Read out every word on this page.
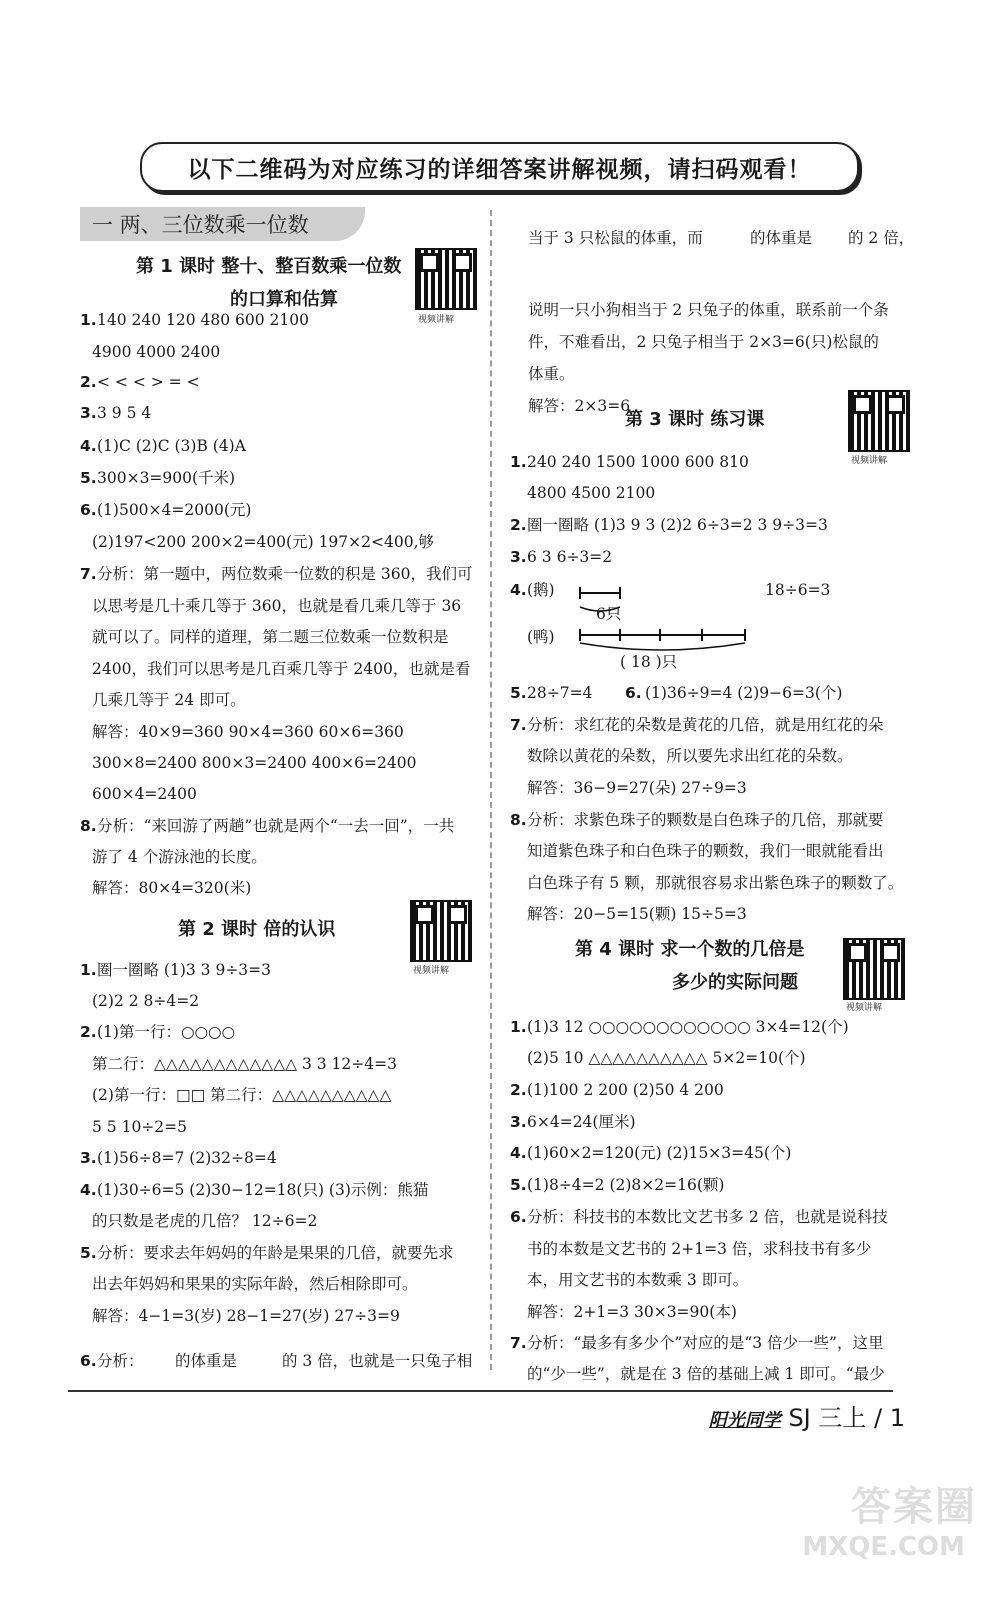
以下二维码为对应练习的详细答案讲解视频，请扫码观看！
一 两、三位数乘一位数
第 1 课时 整十、整百数乘一位数
的口算和估算
视频讲解
1. 140 240 120 480 600 2100
4900 4000 2400
2. < < < > = <
3. 3 9 5 4
4. (1)C (2)C (3)B (4)A
5. 300×3=900(千米)
6. (1)500×4=2000(元)
(2)197<200 200×2=400(元) 197×2<400,够
7. 分析：第一题中，两位数乘一位数的积是 360，我们可
以思考是几十乘几等于 360，也就是看几乘几等于 36
就可以了。同样的道理，第二题三位数乘一位数积是
2400，我们可以思考是几百乘几等于 2400，也就是看
几乘几等于 24 即可。
解答：40×9=360 90×4=360 60×6=360
300×8=2400 800×3=2400 400×6=2400
600×4=2400
8. 分析：“来回游了两趟”也就是两个“一去一回”，一共
游了 4 个游泳池的长度。
解答：80×4=320(米)
第 2 课时 倍的认识
视频讲解
1. 圈一圈略 (1)3 3 9÷3=3
(2)2 2 8÷4=2
2. (1)第一行：○○○○
第二行：△△△△△△△△△△△△ 3 3 12÷4=3
(2)第一行：□□ 第二行：△△△△△△△△△△
5 5 10÷2=5
3. (1)56÷8=7 (2)32÷8=4
4. (1)30÷6=5 (2)30−12=18(只) (3)示例：熊猫
的只数是老虎的几倍？ 12÷6=2
5. 分析：要求去年妈妈的年龄是果果的几倍，就要先求
出去年妈妈和果果的实际年龄，然后相除即可。
解答：4−1=3(岁) 28−1=27(岁) 27÷3=9
6. 分析： 的体重是	的 3 倍，也就是一只兔子相
当于 3 只松鼠的体重，而	的体重是 的 2 倍，
说明一只小狗相当于 2 只兔子的体重，联系前一个条
件，不难看出，2 只兔子相当于 2×3=6(只)松鼠的
体重。
解答：2×3=6
第 3 课时 练习课
视频讲解
1. 240 240 1500 1000 600 810
4800 4500 2100
2. 圈一圈略 (1)3 9 3 (2)2 6÷3=2 3 9÷3=3
3. 6 3 6÷3=2
4. (鹅)	18÷6=3
6只
(鸭)
( 18 )只
5. 28÷7=4 6. (1)36÷9=4 (2)9−6=3(个)
7. 分析：求红花的朵数是黄花的几倍，就是用红花的朵
数除以黄花的朵数，所以要先求出红花的朵数。
解答：36−9=27(朵) 27÷9=3
8. 分析：求紫色珠子的颗数是白色珠子的几倍，那就要
知道紫色珠子和白色珠子的颗数，我们一眼就能看出
白色珠子有 5 颗，那就很容易求出紫色珠子的颗数了。
解答：20−5=15(颗) 15÷5=3
第 4 课时 求一个数的几倍是
多少的实际问题
视频讲解
1. (1)3 12 ○○○○○○○○○○○○ 3×4=12(个)
(2)5 10 △△△△△△△△△△ 5×2=10(个)
2. (1)100 2 200 (2)50 4 200
3. 6×4=24(厘米)
4. (1)60×2=120(元) (2)15×3=45(个)
5. (1)8÷4=2 (2)8×2=16(颗)
6. 分析：科技书的本数比文艺书多 2 倍，也就是说科技
书的本数是文艺书的 2+1=3 倍，求科技书有多少
本，用文艺书的本数乘 3 即可。
解答：2+1=3 30×3=90(本)
7. 分析：“最多有多少个”对应的是“3 倍少一些”，这里
的“少一些”，就是在 3 倍的基础上减 1 即可。“最少
阳光同学 SJ 三上 / 1
答案圈
MXQE.COM
